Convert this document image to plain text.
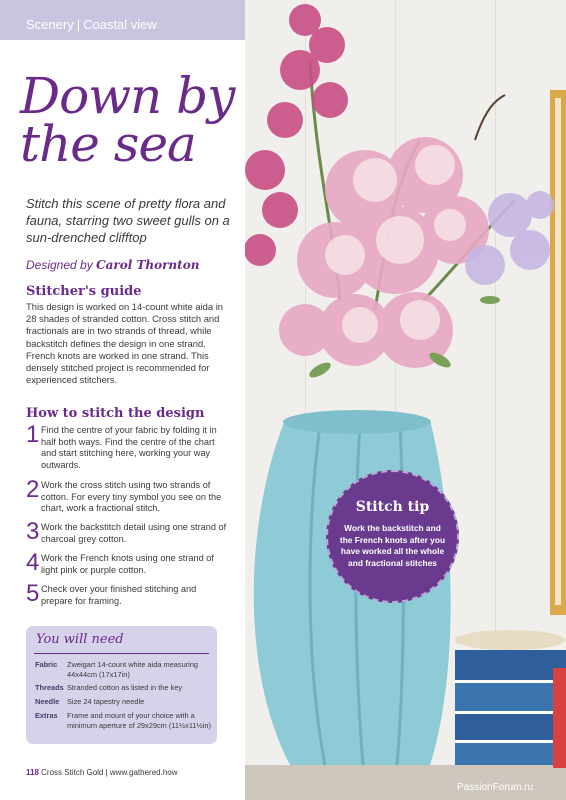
Scenery | Coastal view
Down by
the sea
Stitch this scene of pretty flora and fauna, starring two sweet gulls on a sun-drenched clifftop
Designed by Carol Thornton
Stitcher's guide
This design is worked on 14-count white aida in 28 shades of stranded cotton. Cross stitch and fractionals are in two strands of thread, while backstitch defines the design in one strand. French knots are worked in one strand. This densely stitched project is recommended for experienced stitchers.
How to stitch the design
1 Find the centre of your fabric by folding it in half both ways. Find the centre of the chart and start stitching here, working your way outwards.
2 Work the cross stitch using two strands of cotton. For every tiny symbol you see on the chart, work a fractional stitch.
3 Work the backstitch detail using one strand of charcoal grey cotton.
4 Work the French knots using one strand of light pink or purple cotton.
5 Check over your finished stitching and prepare for framing.
You will need
Fabric Zweigart 14-count white aida measuring 44x44cm (17x17in)
Threads Stranded cotton as listed in the key
Needle Size 24 tapestry needle
Extras Frame and mount of your choice with a minimum aperture of 29x29cm (11½x11½in)
118 Cross Stitch Gold | www.gathered.how
PassionForum.ru
Stitch tip
Work the backstitch and the French knots after you have worked all the whole and fractional stitches
